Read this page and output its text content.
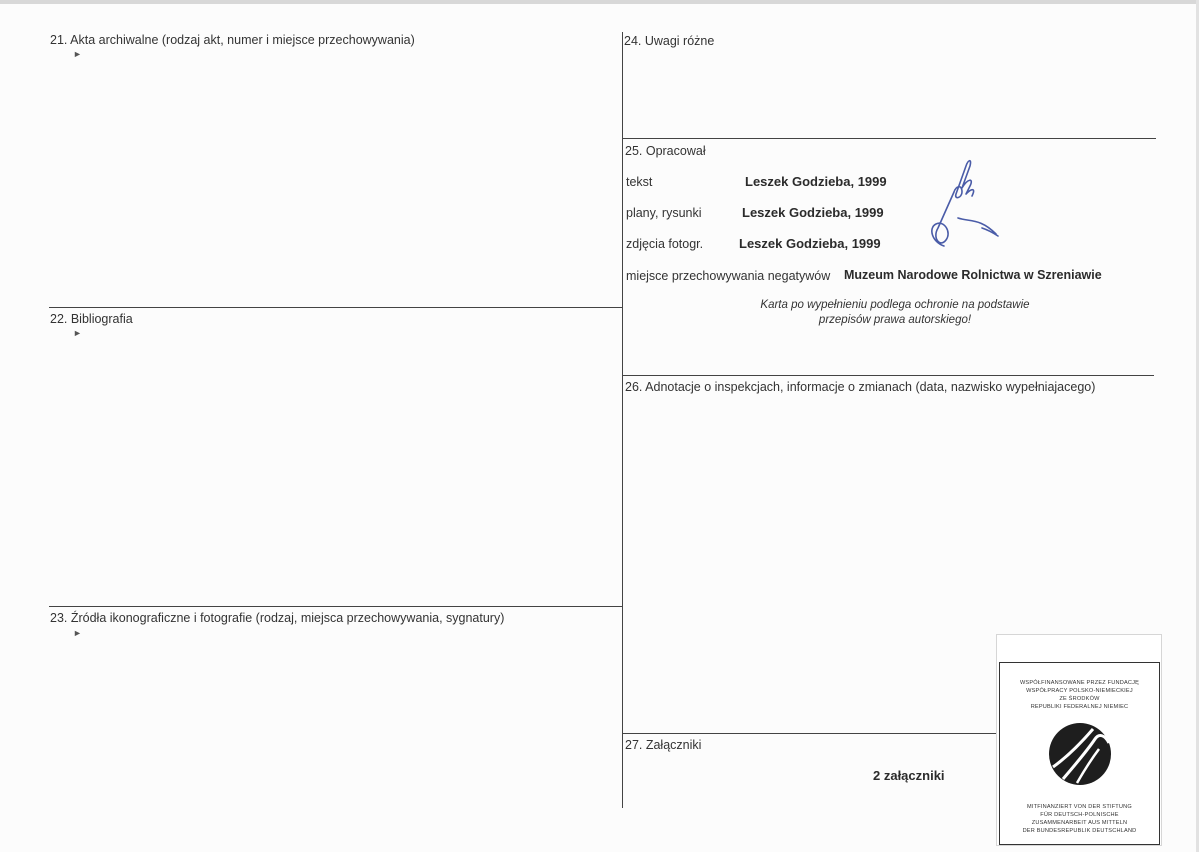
21. Akta archiwalne (rodzaj akt, numer i miejsce przechowywania)
►
22. Bibliografia
►
23. Źródła ikonograficzne i fotografie (rodzaj, miejsca przechowywania, sygnatury)
►
24. Uwagi różne
25. Opracował
tekst	Leszek Godzieba, 1999
plany, rysunki	Leszek Godzieba, 1999
zdjęcia fotogr.	Leszek Godzieba, 1999
miejsce przechowywania negatywów Muzeum Narodowe Rolnictwa w Szreniawie
Karta po wypełnieniu podlega ochronie na podstawie
przepisów prawa autorskiego!
26. Adnotacje o inspekcjach, informacje o zmianach (data, nazwisko wypełniajacego)
27. Załączniki
2 załączniki
WSPÓŁFINANSOWANE PRZEZ FUNDACJĘ
WSPÓŁPRACY POLSKO-NIEMIECKIEJ
ZE ŚRODKÓW
REPUBLIKI FEDERALNEJ NIEMIEC
MITFINANZIERT VON DER STIFTUNG
FÜR DEUTSCH-POLNISCHE
ZUSAMMENARBEIT AUS MITTELN
DER BUNDESREPUBLIK DEUTSCHLAND
